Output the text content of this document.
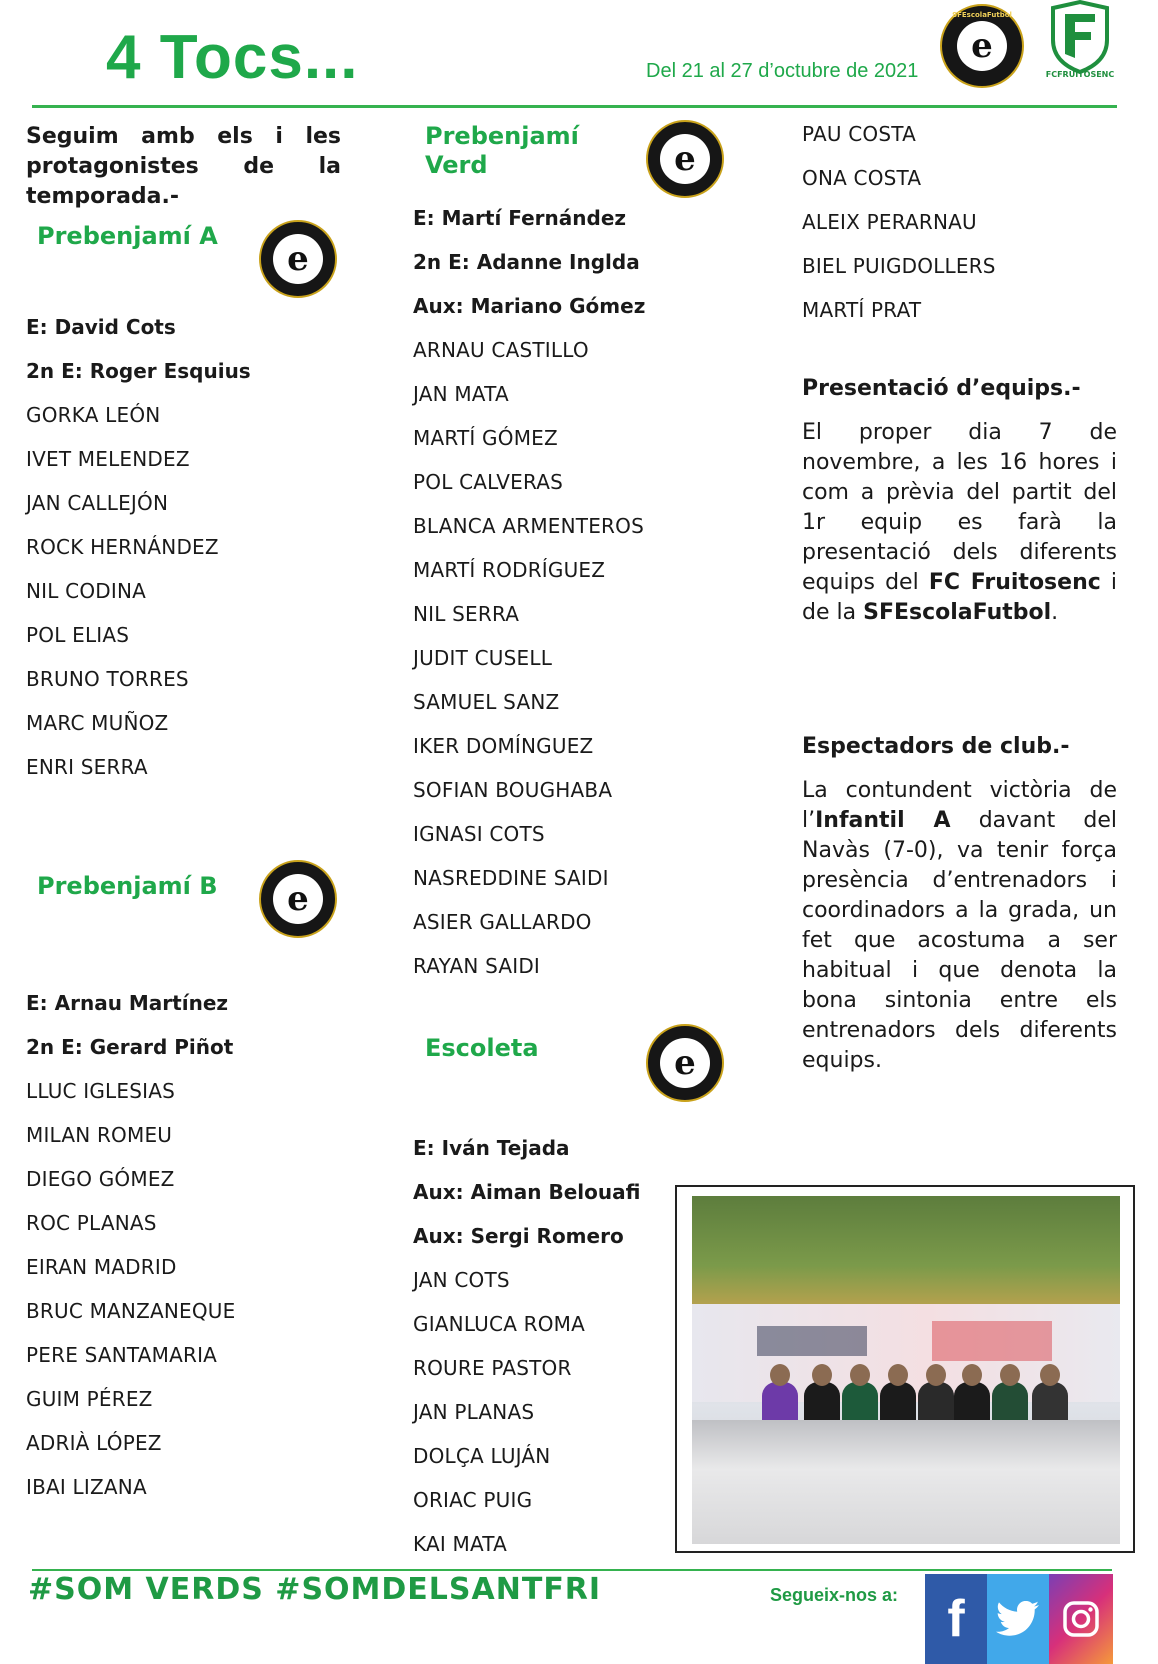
4 Tocs...	Del 21 al 27 d’octubre de 2021
SFEscolaFutbol
e
FCFRUITOSENC
Seguim amb els i les protagonistes de la
temporada.-
Prebenjamí A
e
E: David Cots
2n E: Roger Esquius
GORKA LEÓN
IVET MELENDEZ
JAN CALLEJÓN
ROCK HERNÁNDEZ
NIL CODINA
POL ELIAS
BRUNO TORRES
MARC MUÑOZ
ENRI SERRA
Prebenjamí B	e
E: Arnau Martínez
2n E: Gerard Piñot
LLUC IGLESIAS
MILAN ROMEU
DIEGO GÓMEZ
ROC PLANAS
EIRAN MADRID
BRUC MANZANEQUE
PERE SANTAMARIA
GUIM PÉREZ
ADRIÀ LÓPEZ
IBAI LIZANA
Prebenjamí
Verd	e
E: Martí Fernández
2n E: Adanne Inglda
Aux: Mariano Gómez
ARNAU CASTILLO
JAN MATA
MARTÍ GÓMEZ
POL CALVERAS
BLANCA ARMENTEROS
MARTÍ RODRÍGUEZ
NIL SERRA
JUDIT CUSELL
SAMUEL SANZ
IKER DOMÍNGUEZ
SOFIAN BOUGHABA
IGNASI COTS
NASREDDINE SAIDI
ASIER GALLARDO
RAYAN SAIDI
Escoleta	e
E: Iván Tejada
Aux: Aiman Belouafi
Aux: Sergi Romero
JAN COTS
GIANLUCA ROMA
ROURE PASTOR
JAN PLANAS
DOLÇA LUJÁN
ORIAC PUIG
KAI MATA
PAU COSTA
ONA COSTA
ALEIX PERARNAU
BIEL PUIGDOLLERS
MARTÍ PRAT
Presentació d’equips.-
El proper dia 7 de novembre, a les 16 hores i com a prèvia del partit del 1r equip es farà la presentació dels diferents equips del FC Fruitosenc i de la SFEscolaFutbol.
Espectadors de club.-
La contundent victòria de l’Infantil A davant del Navàs (7-0), va tenir força presència d’entrenadors i coordinadors a la grada, un fet que acostuma a ser habitual i que denota la bona sintonia entre els entrenadors dels diferents equips.
#SOM VERDS #SOMDELSANTFRI	Segueix-nos a: f
